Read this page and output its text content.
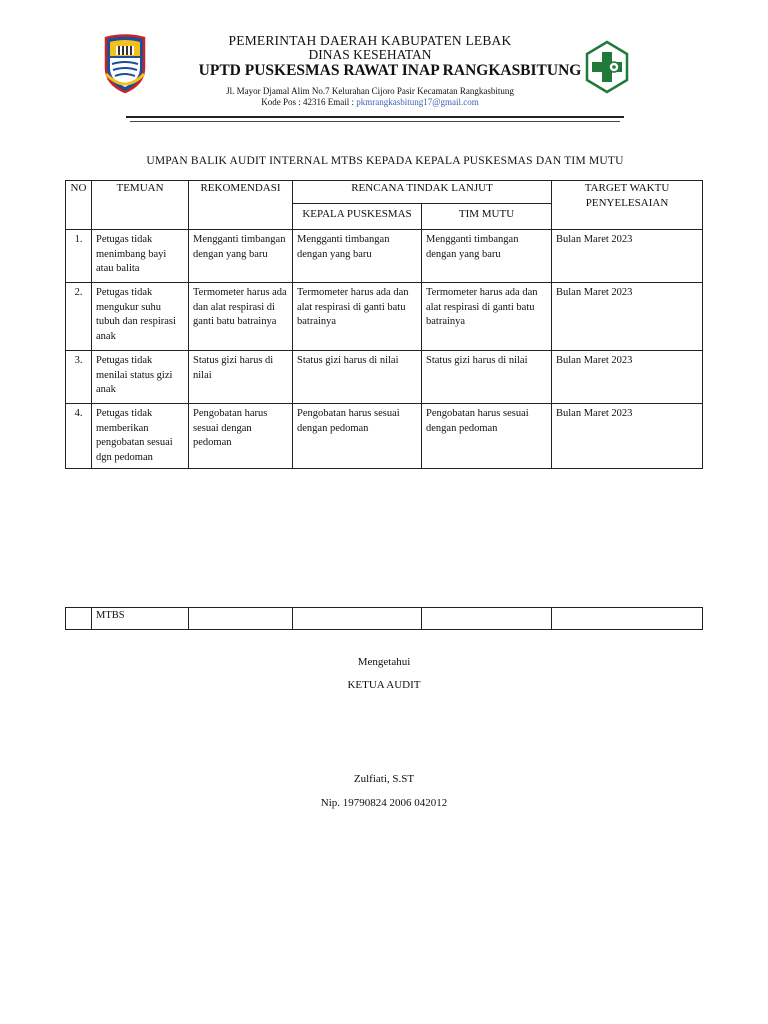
PEMERINTAH DAERAH KABUPATEN LEBAK
DINAS KESEHATAN
UPTD PUSKESMAS RAWAT INAP RANGKASBITUNG
Jl. Mayor Djamal Alim No.7 Kelurahan Cijoro Pasir Kecamatan Rangkasbitung
Kode Pos : 42316 Email : pkmrangkasbitung17@gmail.com
UMPAN BALIK AUDIT INTERNAL MTBS KEPADA KEPALA PUSKESMAS DAN TIM MUTU
NO	TEMUAN	REKOMENDASI	RENCANA TINDAK LANJUT		TARGET WAKTU PENYELESAIAN
			KEPALA PUSKESMAS	TIM MUTU	
1.	Petugas tidak menimbang bayi atau balita	Mengganti timbangan dengan yang baru	Mengganti timbangan dengan yang baru	Mengganti timbangan dengan yang baru	Bulan Maret 2023
2.	Petugas tidak mengukur suhu tubuh dan respirasi anak	Termometer harus ada dan alat respirasi di ganti batu batrainya	Termometer harus ada dan alat respirasi di ganti batu batrainya	Termometer harus ada dan alat respirasi di ganti batu batrainya	Bulan Maret 2023
3.	Petugas tidak menilai status gizi anak	Status gizi harus di nilai	Status gizi harus di nilai	Status gizi harus di nilai	Bulan Maret 2023
4.	Petugas tidak memberikan pengobatan sesuai dgn pedoman	Pengobatan harus sesuai dengan pedoman	Pengobatan harus sesuai dengan pedoman	Pengobatan harus sesuai dengan pedoman	Bulan Maret 2023
	MTBS				
Mengetahui
KETUA AUDIT
Zulfiati, S.ST
Nip. 19790824 2006 042012
